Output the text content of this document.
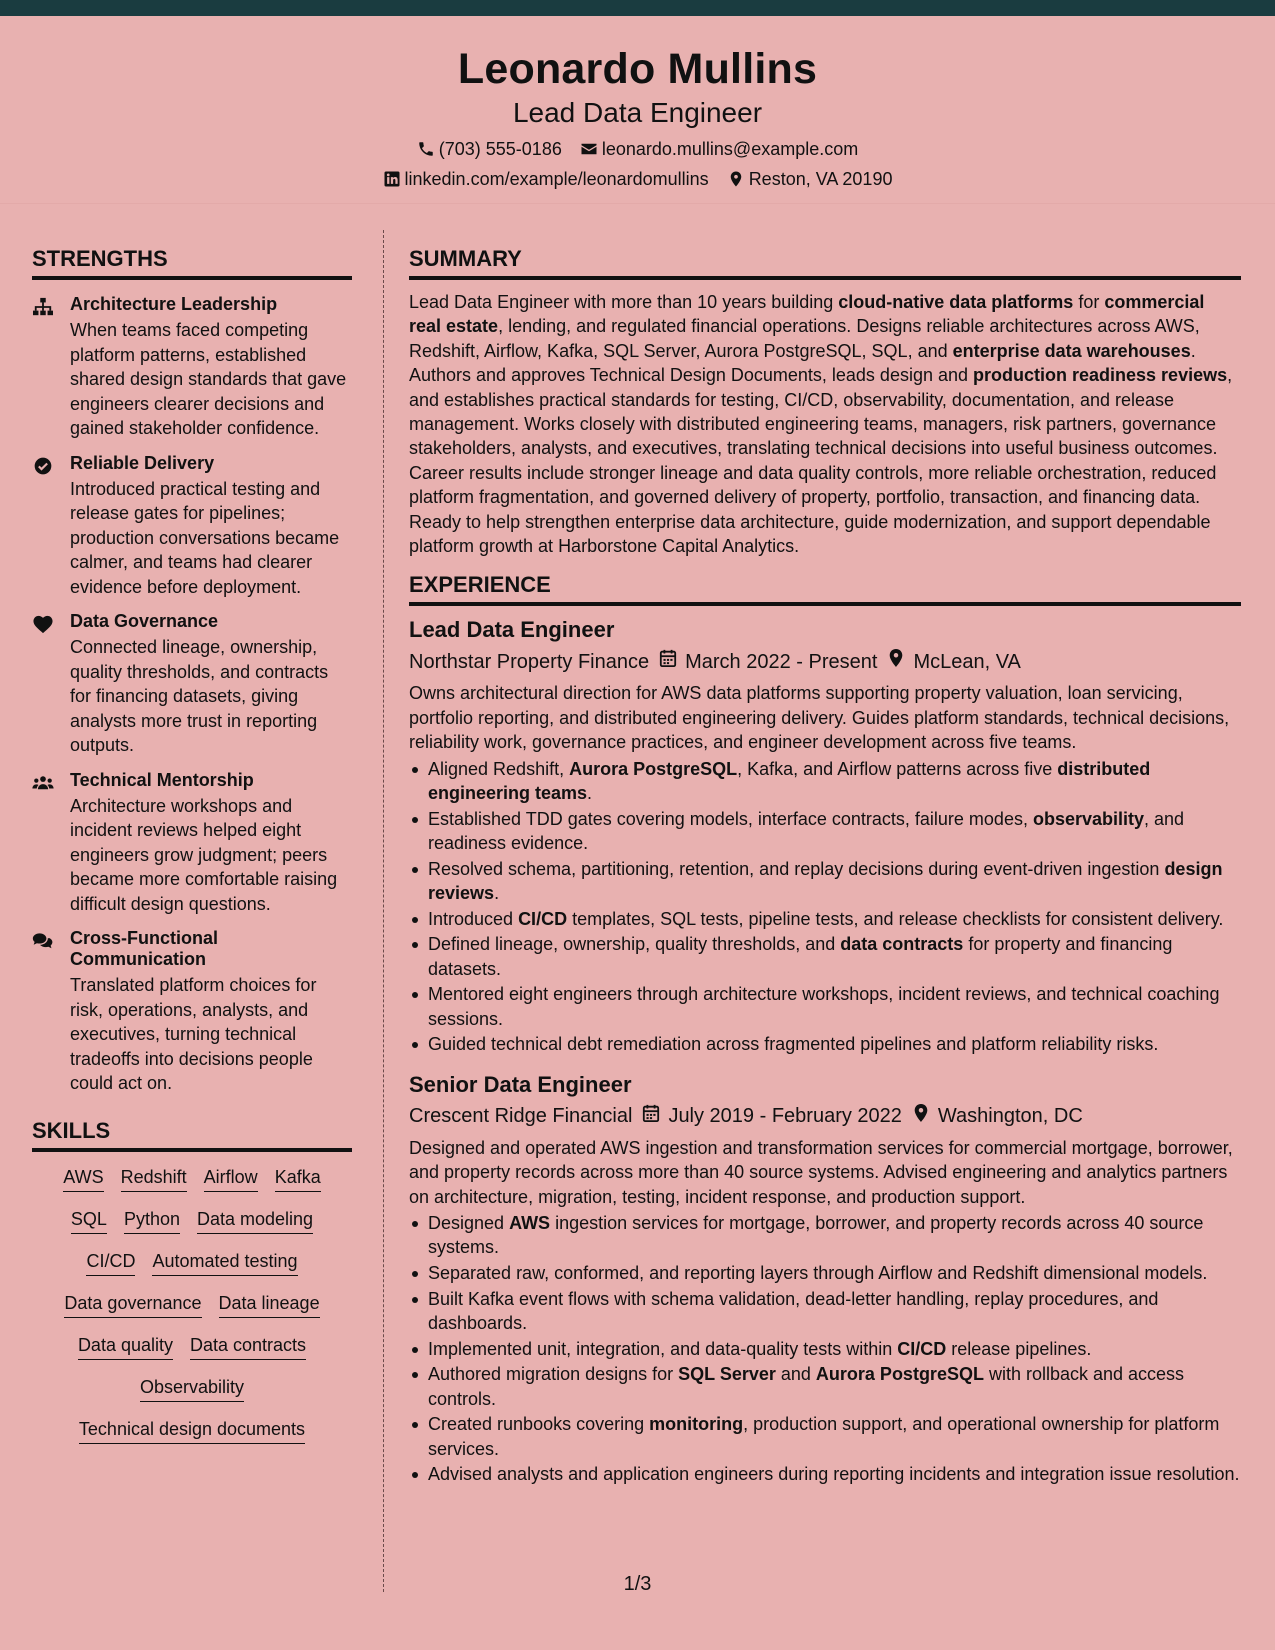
Leonardo Mullins
Lead Data Engineer
(703) 555-0186 leonardo.mullins@example.com
linkedin.com/example/leonardomullins Reston, VA 20190
STRENGTHS
Architecture Leadership
When teams faced competing platform patterns, established shared design standards that gave engineers clearer decisions and gained stakeholder confidence.
Reliable Delivery
Introduced practical testing and release gates for pipelines; production conversations became calmer, and teams had clearer evidence before deployment.
Data Governance
Connected lineage, ownership, quality thresholds, and contracts for financing datasets, giving analysts more trust in reporting outputs.
Technical Mentorship
Architecture workshops and incident reviews helped eight engineers grow judgment; peers became more comfortable raising difficult design questions.
Cross-Functional Communication
Translated platform choices for risk, operations, analysts, and executives, turning technical tradeoffs into decisions people could act on.
SKILLS
AWS Redshift Airflow Kafka
SQL Python Data modeling
CI/CD Automated testing
Data governance Data lineage
Data quality Data contracts
Observability
Technical design documents
SUMMARY
Lead Data Engineer with more than 10 years building cloud-native data platforms for commercial real estate, lending, and regulated financial operations. Designs reliable architectures across AWS, Redshift, Airflow, Kafka, SQL Server, Aurora PostgreSQL, SQL, and enterprise data warehouses. Authors and approves Technical Design Documents, leads design and production readiness reviews, and establishes practical standards for testing, CI/CD, observability, documentation, and release management. Works closely with distributed engineering teams, managers, risk partners, governance stakeholders, analysts, and executives, translating technical decisions into useful business outcomes. Career results include stronger lineage and data quality controls, more reliable orchestration, reduced platform fragmentation, and governed delivery of property, portfolio, transaction, and financing data. Ready to help strengthen enterprise data architecture, guide modernization, and support dependable platform growth at Harborstone Capital Analytics.
EXPERIENCE
Lead Data Engineer
Northstar Property Finance March 2022 - Present McLean, VA
Owns architectural direction for AWS data platforms supporting property valuation, loan servicing, portfolio reporting, and distributed engineering delivery. Guides platform standards, technical decisions, reliability work, governance practices, and engineer development across five teams.
Aligned Redshift, Aurora PostgreSQL, Kafka, and Airflow patterns across five distributed engineering teams.
Established TDD gates covering models, interface contracts, failure modes, observability, and readiness evidence.
Resolved schema, partitioning, retention, and replay decisions during event-driven ingestion design reviews.
Introduced CI/CD templates, SQL tests, pipeline tests, and release checklists for consistent delivery.
Defined lineage, ownership, quality thresholds, and data contracts for property and financing datasets.
Mentored eight engineers through architecture workshops, incident reviews, and technical coaching sessions.
Guided technical debt remediation across fragmented pipelines and platform reliability risks.
Senior Data Engineer
Crescent Ridge Financial July 2019 - February 2022 Washington, DC
Designed and operated AWS ingestion and transformation services for commercial mortgage, borrower, and property records across more than 40 source systems. Advised engineering and analytics partners on architecture, migration, testing, incident response, and production support.
Designed AWS ingestion services for mortgage, borrower, and property records across 40 source systems.
Separated raw, conformed, and reporting layers through Airflow and Redshift dimensional models.
Built Kafka event flows with schema validation, dead-letter handling, replay procedures, and dashboards.
Implemented unit, integration, and data-quality tests within CI/CD release pipelines.
Authored migration designs for SQL Server and Aurora PostgreSQL with rollback and access controls.
Created runbooks covering monitoring, production support, and operational ownership for platform services.
Advised analysts and application engineers during reporting incidents and integration issue resolution.
1/3
